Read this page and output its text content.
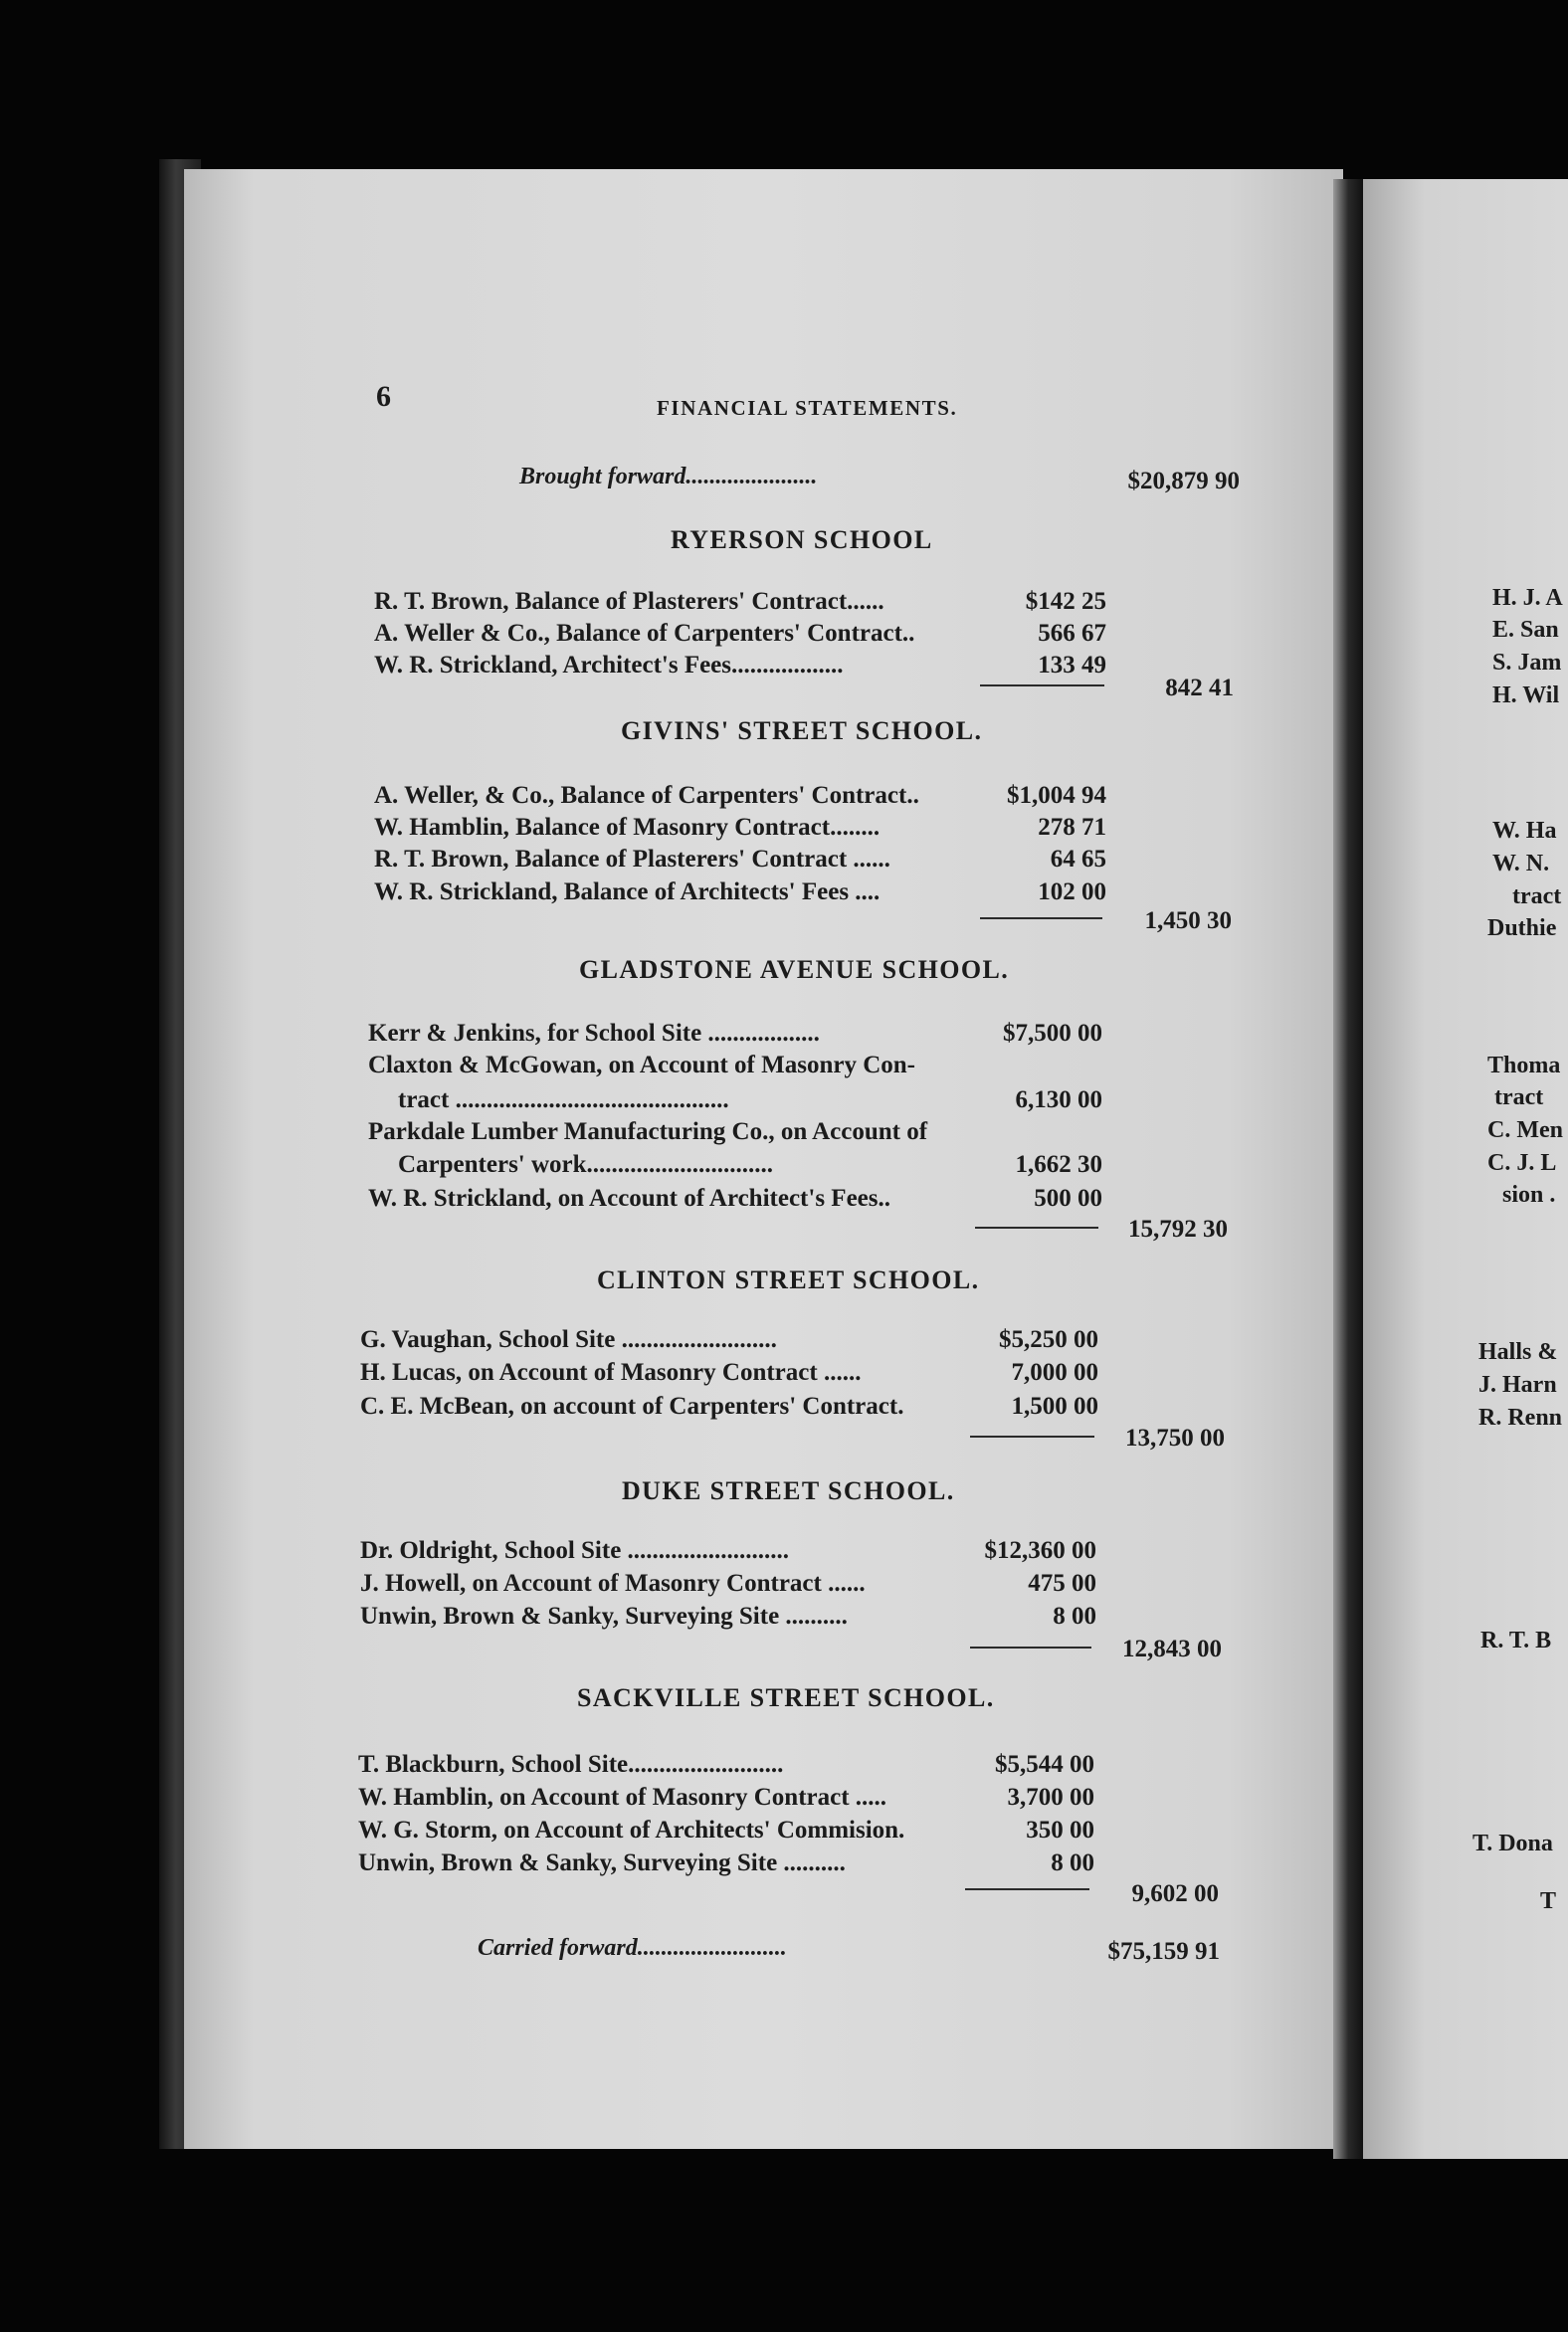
H. J. A
E. San
S. Jam
H. Wil
W. Ha
W. N.
tract
Duthie
Thoma
tract
C. Men
C. J. L
sion .
Halls &
J. Harn
R. Renn
R. T. B
T. Dona
T
6	FINANCIAL STATEMENTS.
Brought forward......................	$20,879 90
RYERSON SCHOOL
R. T. Brown, Balance of Plasterers' Contract......	$142 25
A. Weller & Co., Balance of Carpenters' Contract..	566 67
W. R. Strickland, Architect's Fees..................	133 49
842 41
GIVINS' STREET SCHOOL.
A. Weller, & Co., Balance of Carpenters' Contract..	$1,004 94
W. Hamblin, Balance of Masonry Contract........	278 71
R. T. Brown, Balance of Plasterers' Contract ......	64 65
W. R. Strickland, Balance of Architects' Fees ....	102 00
1,450 30
GLADSTONE AVENUE SCHOOL.
Kerr & Jenkins, for School Site ..................	$7,500 00
Claxton & McGowan, on Account of Masonry Con-
tract ............................................	6,130 00
Parkdale Lumber Manufacturing Co., on Account of
Carpenters' work..............................	1,662 30
W. R. Strickland, on Account of Architect's Fees..	500 00
15,792 30
CLINTON STREET SCHOOL.
G. Vaughan, School Site .........................	$5,250 00
H. Lucas, on Account of Masonry Contract ......	7,000 00
C. E. McBean, on account of Carpenters' Contract.	1,500 00
13,750 00
DUKE STREET SCHOOL.
Dr. Oldright, School Site ..........................	$12,360 00
J. Howell, on Account of Masonry Contract ......	475 00
Unwin, Brown & Sanky, Surveying Site ..........	8 00
12,843 00
SACKVILLE STREET SCHOOL.
T. Blackburn, School Site.........................	$5,544 00
W. Hamblin, on Account of Masonry Contract .....	3,700 00
W. G. Storm, on Account of Architects' Commision.	350 00
Unwin, Brown & Sanky, Surveying Site ..........	8 00
9,602 00
Carried forward.........................	$75,159 91
